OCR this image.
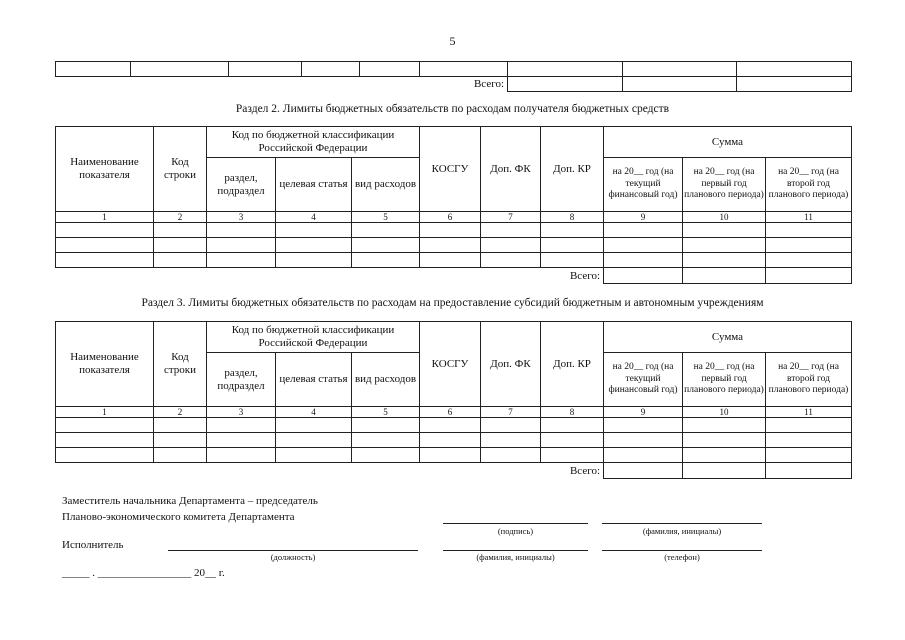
5

Всего:								
Раздел 2. Лимиты бюджетных обязательств по расходам получателя бюджетных средств
Наименование показателя	Код строки	Код по бюджетной классификации Российской Федерации			КОСГУ	Доп. ФК	Доп. КР	Сумма		
		раздел, подраздел	целевая статья	вид расходов				на 20__ год (на текущий финансовый год)	на 20__ год (на первый год планового периода)	на 20__ год (на второй год планового периода)
1	2	3	4	5	6	7	8	9	10	11

Всего:										
Раздел 3. Лимиты бюджетных обязательств по расходам на предоставление субсидий бюджетным и автономным учреждениям
Наименование показателя	Код строки	Код по бюджетной классификации Российской Федерации			КОСГУ	Доп. ФК	Доп. КР	Сумма		
		раздел, подраздел	целевая статья	вид расходов				на 20__ год (на текущий финансовый год)	на 20__ год (на первый год планового периода)	на 20__ год (на второй год планового периода)
1	2	3	4	5	6	7	8	9	10	11

Всего:										
Заместитель начальника Департамента – председатель
Планово-экономического комитета Департамента
(подпись)	(фамилия, инициалы)
Исполнитель
(должность)	(фамилия, инициалы)	(телефон)
_____ . _________________ 20__ г.
